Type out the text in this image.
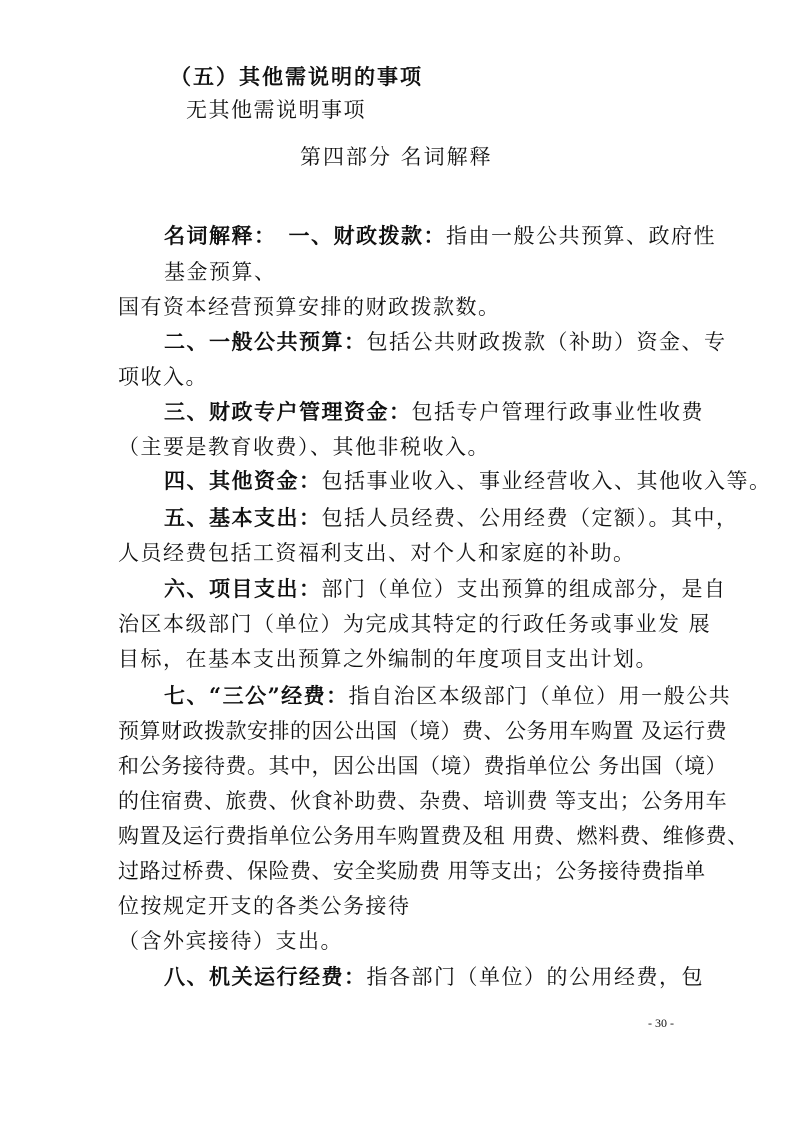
（五）其他需说明的事项
无其他需说明事项
第四部分 名词解释
名词解释： 一、财政拨款：指由一般公共预算、政府性
基金预算、
国有资本经营预算安排的财政拨款数。
二、一般公共预算：包括公共财政拨款（补助）资金、专
项收入。
三、财政专户管理资金：包括专户管理行政事业性收费
（主要是教育收费）、其他非税收入。
四、其他资金：包括事业收入、事业经营收入、其他收入等。
五、基本支出：包括人员经费、公用经费（定额）。其中，
人员经费包括工资福利支出、对个人和家庭的补助。
六、项目支出：部门（单位）支出预算的组成部分，是自
治区本级部门（单位）为完成其特定的行政任务或事业发 展
目标，在基本支出预算之外编制的年度项目支出计划。
七、“三公”经费：指自治区本级部门（单位）用一般公共
预算财政拨款安排的因公出国（境）费、公务用车购置 及运行费
和公务接待费。其中，因公出国（境）费指单位公 务出国（境）
的住宿费、旅费、伙食补助费、杂费、培训费 等支出；公务用车
购置及运行费指单位公务用车购置费及租 用费、燃料费、维修费、
过路过桥费、保险费、安全奖励费 用等支出；公务接待费指单
位按规定开支的各类公务接待
（含外宾接待）支出。
八、机关运行经费：指各部门（单位）的公用经费，包
- 30 -
